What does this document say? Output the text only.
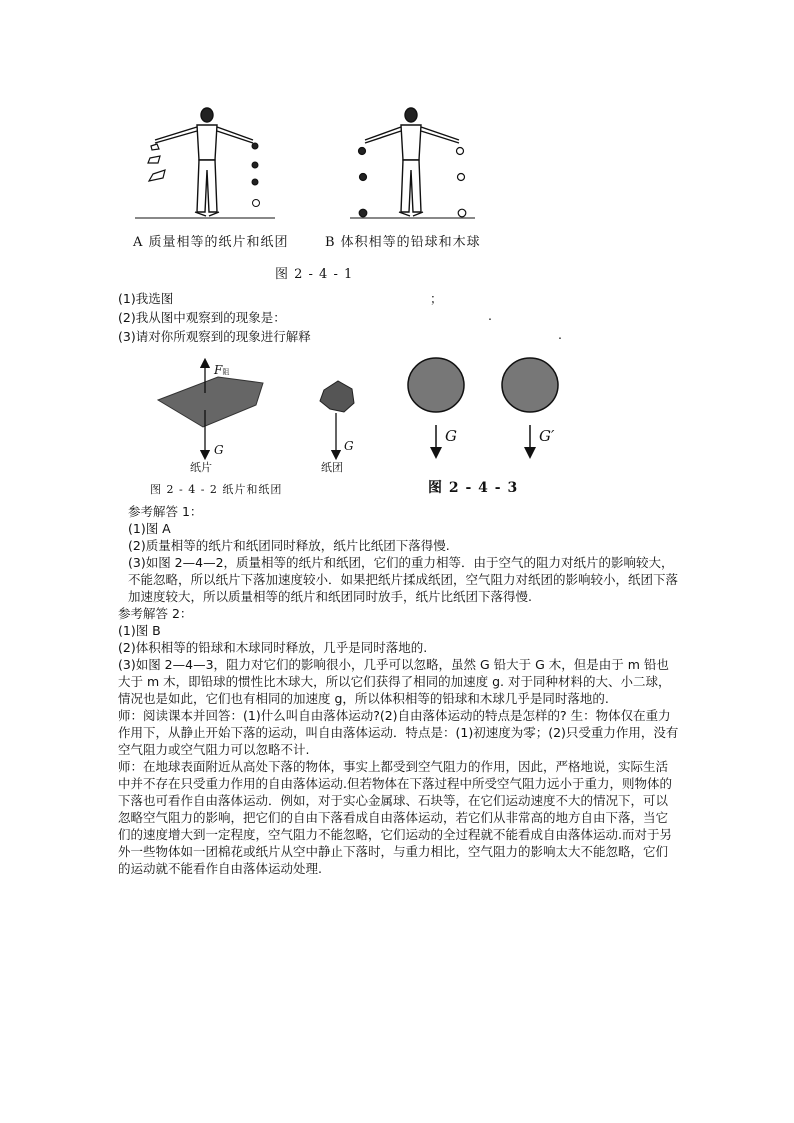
A 质量相等的纸片和纸团	B 体积相等的铅球和木球
图 2 - 4 - 1
(1)我选图	；
(2)我从图中观察到的现象是：	.
(3)请对你所观察到的现象进行解释	.
F阻
G	G
G	G′
纸片	纸团
图 2 - 4 - 2 纸片和纸团	图 2 - 4 - 3

参考解答 1：

(1)图 A

(2)质量相等的纸片和纸团同时释放，纸片比纸团下落得慢.

(3)如图 2—4—2，质量相等的纸片和纸团，它们的重力相等．由于空气的阻力对纸片的影响较大，不能忽略，所以纸片下落加速度较小．如果把纸片揉成纸团，空气阻力对纸团的影响较小，纸团下落加速度较大，所以质量相等的纸片和纸团同时放手，纸片比纸团下落得慢.

参考解答 2：

(1)图 B

(2)体积相等的铅球和木球同时释放，几乎是同时落地的.

(3)如图 2—4—3，阻力对它们的影响很小，几乎可以忽略，虽然 G 铅大于 G 木，但是由于 m 铅也大于 m 木，即铅球的惯性比木球大，所以它们获得了相同的加速度 g. 对于同种材料的大、小二球，情况也是如此，它们也有相同的加速度 g，所以体积相等的铅球和木球几乎是同时落地的.

师：阅读课本并回答：(1)什么叫自由落体运动?(2)自由落体运动的特点是怎样的? 生：物体仅在重力作用下，从静止开始下落的运动，叫自由落体运动．特点是：(1)初速度为零；(2)只受重力作用，没有空气阻力或空气阻力可以忽略不计.

师：在地球表面附近从高处下落的物体，事实上都受到空气阻力的作用，因此，严格地说，实际生活中并不存在只受重力作用的自由落体运动.但若物体在下落过程中所受空气阻力远小于重力，则物体的下落也可看作自由落体运动．例如，对于实心金属球、石块等，在它们运动速度不大的情况下，可以忽略空气阻力的影响，把它们的自由下落看成自由落体运动，若它们从非常高的地方自由下落，当它们的速度增大到一定程度，空气阻力不能忽略，它们运动的全过程就不能看成自由落体运动.而对于另外一些物体如一团棉花或纸片从空中静止下落时，与重力相比，空气阻力的影响太大不能忽略，它们的运动就不能看作自由落体运动处理.
